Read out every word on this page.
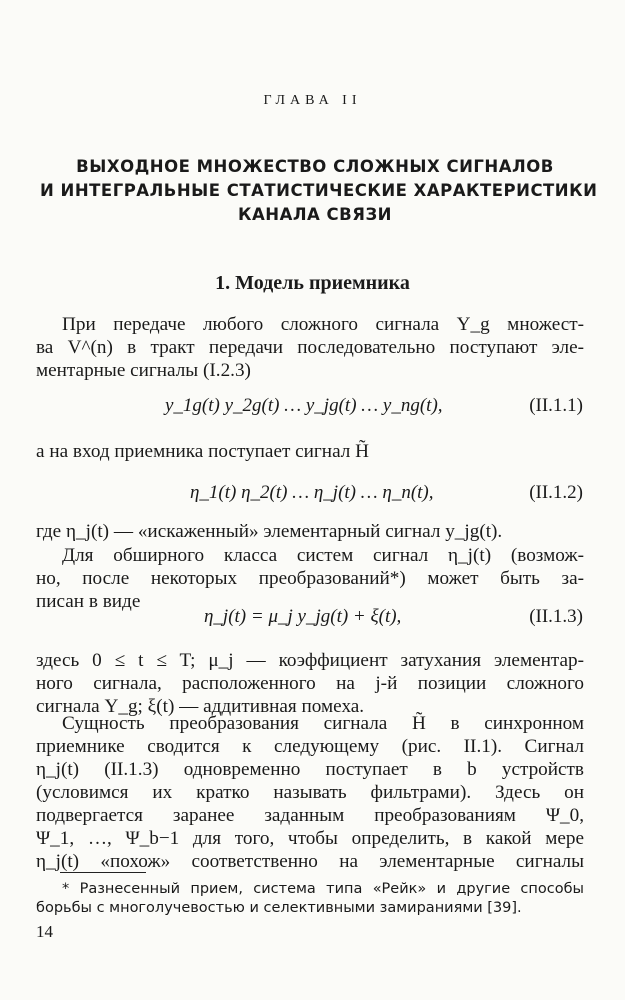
ГЛАВА II
ВЫХОДНОЕ МНОЖЕСТВО СЛОЖНЫХ СИГНАЛОВ
И ИНТЕГРАЛЬНЫЕ СТАТИСТИЧЕСКИЕ ХАРАКТЕРИСТИКИ
КАНАЛА СВЯЗИ
1. Модель приемника
При передаче любого сложного сигнала Y_g множест-
ва V^(n) в тракт передачи последовательно поступают эле-
ментарные сигналы (I.2.3)
y_1g(t) y_2g(t) … y_jg(t) … y_ng(t),	(II.1.1)
а на вход приемника поступает сигнал H̃
η_1(t) η_2(t) … η_j(t) … η_n(t),	(II.1.2)
где η_j(t) — «искаженный» элементарный сигнал y_jg(t).
Для обширного класса систем сигнал η_j(t) (возмож-
но, после некоторых преобразований*) может быть за-
писан в виде
η_j(t) = μ_j y_jg(t) + ξ(t),	(II.1.3)
здесь 0 ≤ t ≤ T; μ_j — коэффициент затухания элементар-
ного сигнала, расположенного на j-й позиции сложного
сигнала Y_g; ξ(t) — аддитивная помеха.
Сущность преобразования сигнала H̃ в синхронном
приемнике сводится к следующему (рис. II.1). Сигнал
η_j(t) (II.1.3) одновременно поступает в b устройств
(условимся их кратко называть фильтрами). Здесь он
подвергается заранее заданным преобразованиям Ψ_0,
Ψ_1, …, Ψ_b−1 для того, чтобы определить, в какой мере
η_j(t) «похож» соответственно на элементарные сигналы
* Разнесенный прием, система типа «Рейк» и другие способы
борьбы с многолучевостью и селективными замираниями [39].
14
